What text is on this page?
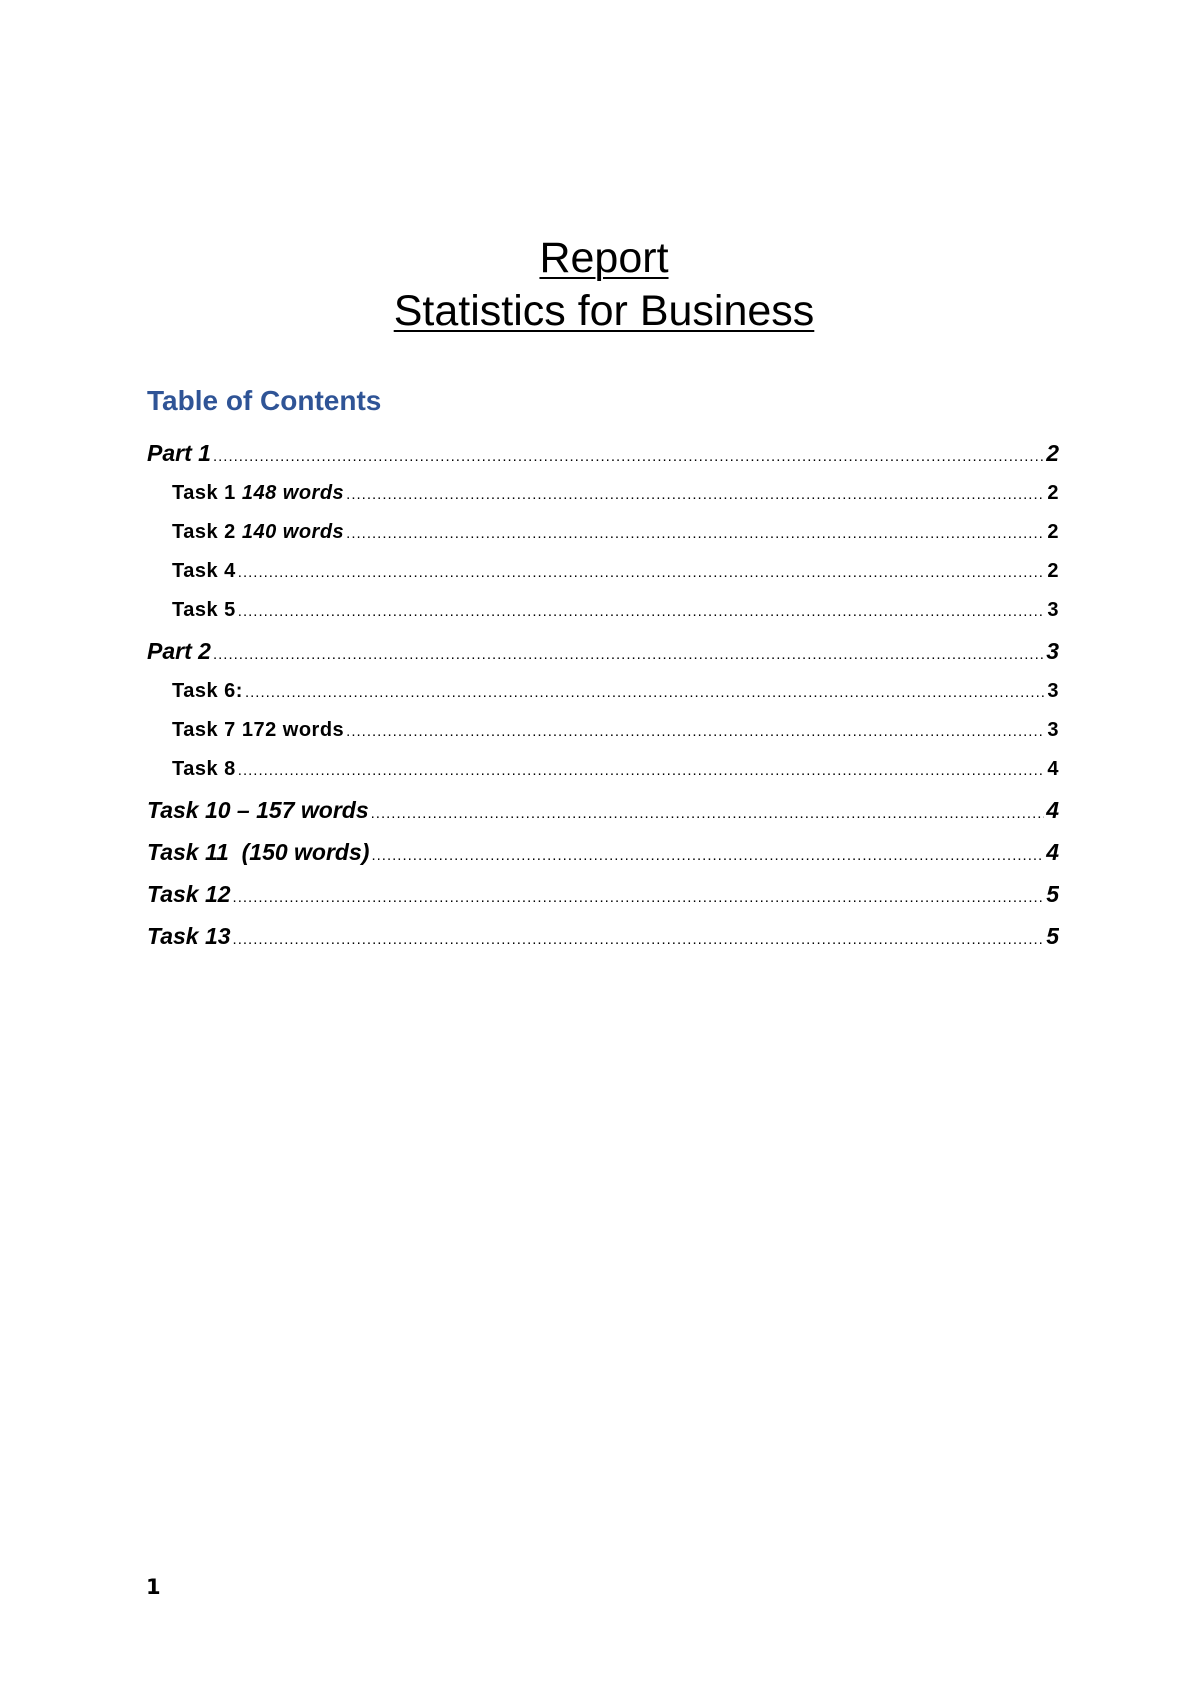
Report
Statistics for Business
Table of Contents
Part 1 .....	2
Task 1 148 words .....	2
Task 2 140 words .....	2
Task 4 .....	2
Task 5 .....	3
Part 2 .....	3
Task 6: .....	3
Task 7 172 words .....	3
Task 8 .....	4
Task 10 – 157 words .....	4
Task 11  (150 words) .....	4
Task 12 .....	5
Task 13 .....	5
1
